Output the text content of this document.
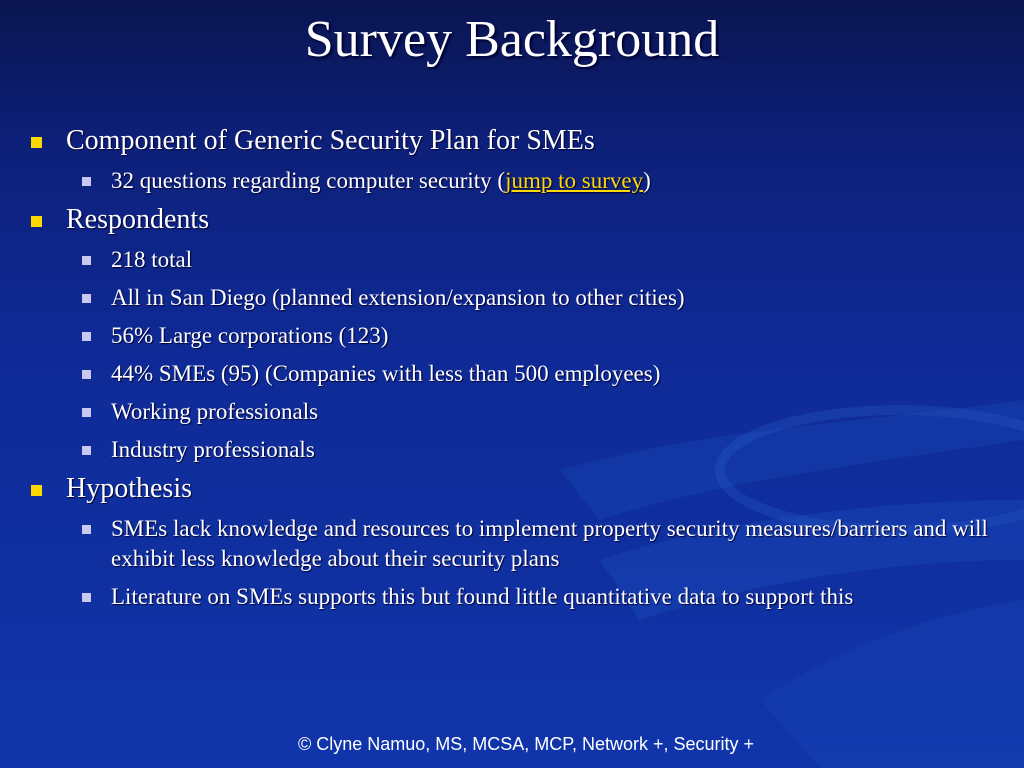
Survey Background
Component of Generic Security Plan for SMEs
32 questions regarding computer security (jump to survey)
Respondents
218 total
All in San Diego (planned extension/expansion to other cities)
56% Large corporations (123)
44% SMEs (95) (Companies with less than 500 employees)
Working professionals
Industry professionals
Hypothesis
SMEs lack knowledge and resources to implement property security measures/barriers and will exhibit less knowledge about their security plans
Literature on SMEs supports this but found little quantitative data to support this
© Clyne Namuo, MS, MCSA, MCP, Network +, Security +
